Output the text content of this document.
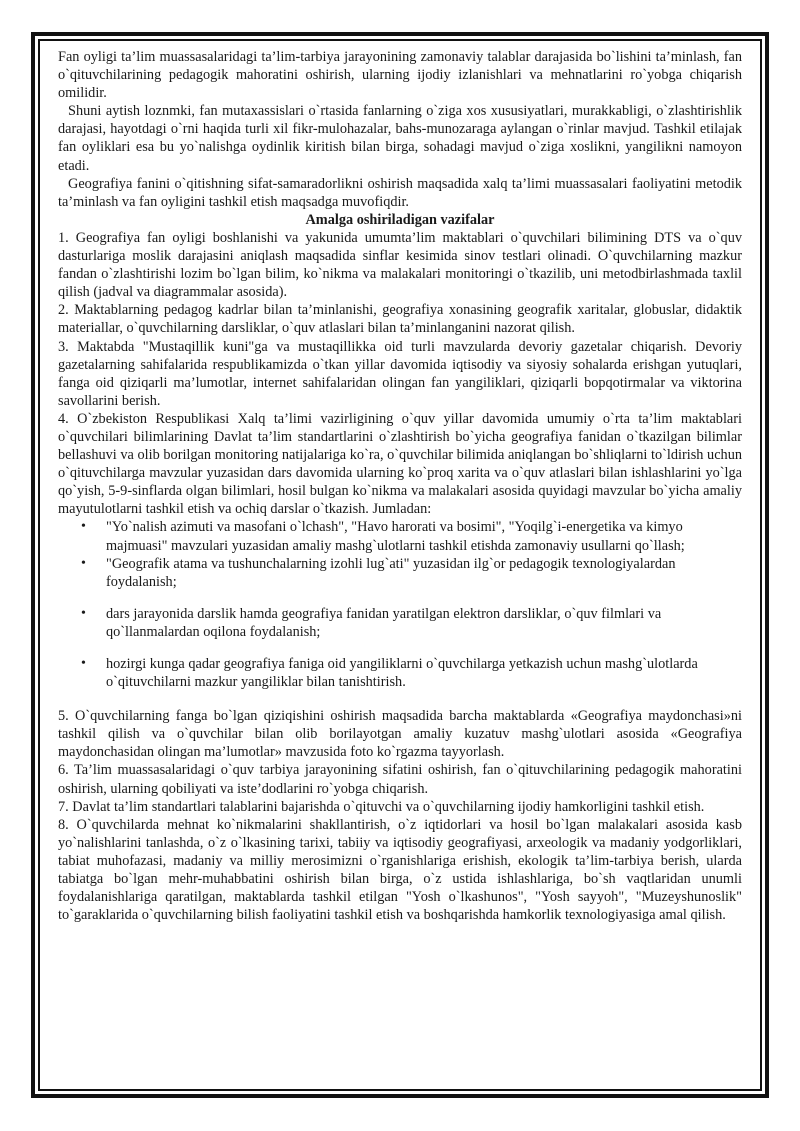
Fan oyligi ta’lim muassasalaridagi ta’lim-tarbiya jarayonining zamonaviy talablar darajasida bo`lishini ta’minlash, fan o`qituvchilarining pedagogik mahoratini oshirish, ularning ijodiy izlanishlari va mehnatlarini ro`yobga chiqarish omilidir.

Shuni aytish loznmki, fan mutaxassislari o`rtasida fanlarning o`ziga xos xususiyatlari, murakkabligi, o`zlashtirishlik darajasi, hayotdagi o`rni haqida turli xil fikr-mulohazalar, bahs-munozaraga aylangan o`rinlar mavjud. Tashkil etilajak fan oyliklari esa bu yo`nalishga oydinlik kiritish bilan birga, sohadagi mavjud o`ziga xoslikni, yangilikni namoyon etadi.

Geografiya fanini o`qitishning sifat-samaradorlikni oshirish maqsadida xalq ta’limi muassasalari faoliyatini metodik ta’minlash va fan oyligini tashkil etish maqsadga muvofiqdir.

Amalga oshiriladigan vazifalar

1. Geografiya fan oyligi boshlanishi va yakunida umumta’lim maktablari o`quvchilari bilimining DTS va o`quv dasturlariga moslik darajasini aniqlash maqsadida sinflar kesimida sinov testlari olinadi. O`quvchilarning mazkur fandan o`zlashtirishi lozim bo`lgan bilim, ko`nikma va malakalari monitoringi o`tkazilib, uni metodbirlashmada taxlil qilish (jadval va diagrammalar asosida).

2. Maktablarning pedagog kadrlar bilan ta’minlanishi, geografiya xonasining geografik xaritalar, globuslar, didaktik materiallar, o`quvchilarning darsliklar, o`quv atlaslari bilan ta’minlanganini nazorat qilish.

3. Maktabda "Mustaqillik kuni"ga va mustaqillikka oid turli mavzularda devoriy gazetalar chiqarish. Devoriy gazetalarning sahifalarida respublikamizda o`tkan yillar davomida iqtisodiy va siyosiy sohalarda erishgan yutuqlari, fanga oid qiziqarli ma’lumotlar, internet sahifalaridan olingan fan yangiliklari, qiziqarli bopqotirmalar va viktorina savollarini berish.

4. O`zbekiston Respublikasi Xalq ta’limi vazirligining o`quv yillar davomida umumiy o`rta ta’lim maktablari o`quvchilari bilimlarining Davlat ta’lim standartlarini o`zlashtirish bo`yicha geografiya fanidan o`tkazilgan bilimlar bellashuvi va olib borilgan monitoring natijalariga ko`ra, o`quvchilar bilimida aniqlangan bo`shliqlarni to`ldirish uchun o`qituvchilarga mavzular yuzasidan dars davomida ularning ko`proq xarita va o`quv atlaslari bilan ishlashlarini yo`lga qo`yish, 5-9-sinflarda olgan bilimlari, hosil bulgan ko`nikma va malakalari asosida quyidagi mavzular bo`yicha amaliy mayutulotlarni tashkil etish va ochiq darslar o`tkazish. Jumladan:

• "Yo`nalish azimuti va masofani o`lchash", "Havo harorati va bosimi", "Yoqilg`i-energetika va kimyo majmuasi" mavzulari yuzasidan amaliy mashg`ulotlarni tashkil etishda zamonaviy usullarni qo`llash;
• "Geografik atama va tushunchalarning izohli lug`ati" yuzasidan ilg`or pedagogik texnologiyalardan foydalanish;
• dars jarayonida darslik hamda geografiya fanidan yaratilgan elektron darsliklar, o`quv filmlari va qo`llanmalardan oqilona foydalanish;
• hozirgi kunga qadar geografiya faniga oid yangiliklarni o`quvchilarga yetkazish uchun mashg`ulotlarda o`qituvchilarni mazkur yangiliklar bilan tanishtirish.

5. O`quvchilarning fanga bo`lgan qiziqishini oshirish maqsadida barcha maktablarda «Geografiya maydonchasi»ni tashkil qilish va o`quvchilar bilan olib borilayotgan amaliy kuzatuv mashg`ulotlari asosida «Geografiya maydonchasidan olingan ma’lumotlar» mavzusida foto ko`rgazma tayyorlash.

6. Ta’lim muassasalaridagi o`quv tarbiya jarayonining sifatini oshirish, fan o`qituvchilarining pedagogik mahoratini oshirish, ularning qobiliyati va iste’dodlarini ro`yobga chiqarish.

7. Davlat ta’lim standartlari talablarini bajarishda o`qituvchi va o`quvchilarning ijodiy hamkorligini tashkil etish.

8. O`quvchilarda mehnat ko`nikmalarini shakllantirish, o`z iqtidorlari va hosil bo`lgan malakalari asosida kasb yo`nalishlarini tanlashda, o`z o`lkasining tarixi, tabiiy va iqtisodiy geografiyasi, arxeologik va madaniy yodgorliklari, tabiat muhofazasi, madaniy va milliy merosimizni o`rganishlariga erishish, ekologik ta’lim-tarbiya berish, ularda tabiatga bo`lgan mehr-muhabbatini oshirish bilan birga, o`z ustida ishlashlariga, bo`sh vaqtlaridan unumli foydalanishlariga qaratilgan, maktablarda tashkil etilgan "Yosh o`lkashunos", "Yosh sayyoh", "Muzeyshunoslik" to`garaklarida o`quvchilarning bilish faoliyatini tashkil etish va boshqarishda hamkorlik texnologiyasiga amal qilish.
